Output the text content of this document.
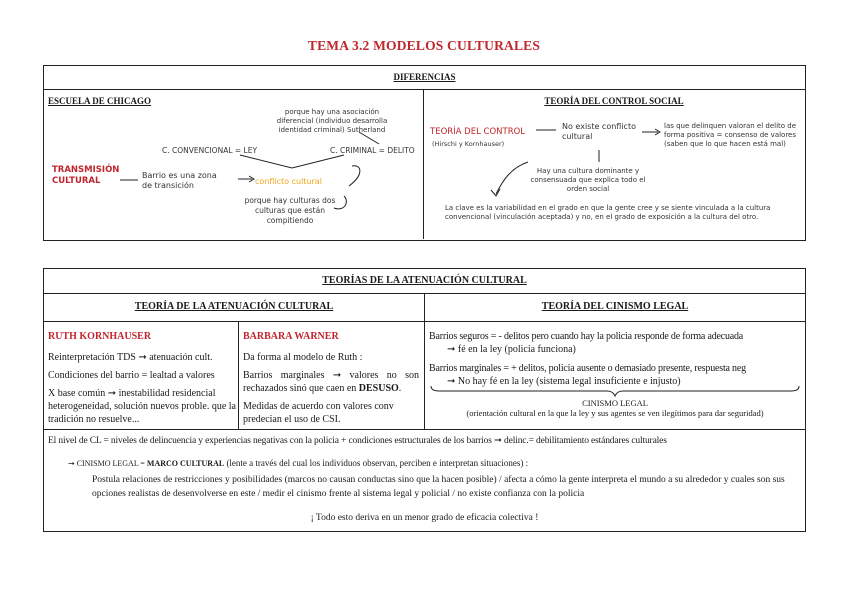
TEMA 3.2 MODELOS CULTURALES
DIFERENCIAS
ESCUELA DE CHICAGO
porque hay una asociación diferencial (individuo desarrolla identidad criminal) Sutherland
C. CONVENCIONAL = LEY	C. CRIMINAL = DELITO
TRANSMISIÓN CULTURAL
Barrio es una zona de transición	conflicto cultural
porque hay culturas dos culturas que están compitiendo
TEORÍA DEL CONTROL SOCIAL
TEORÍA DEL CONTROL
(Hirschi y Kornhauser)
No existe conflicto cultural
las que delinquen valoran el delito de forma positiva = consenso de valores (saben que lo que hacen está mal)
Hay una cultura dominante y consensuada que explica todo el orden social
La clave es la variabilidad en el grado en que la gente cree y se siente vinculada a la cultura convencional (vinculación aceptada) y no, en el grado de exposición a la cultura del otro.
TEORÍAS DE LA ATENUACIÓN CULTURAL
TEORÍA DE LA ATENUACIÓN CULTURAL	TEORÍA DEL CINISMO LEGAL

RUTH KORNHAUSER

Reinterpretación TDS ➞ atenuación cult.

Condiciones del barrio = lealtad a valores

X base común ➞ inestabilidad residencial heterogeneidad, solución nuevos proble. que la tradición no resuelve...

BARBARA WARNER

Da forma al modelo de Ruth :

Barrios marginales ➞ valores no son rechazados sinó que caen en DESUSO.

Medidas de acuerdo con valores conv predecian el uso de CSI.

Barrios seguros = - delitos pero cuando hay la policia responde de forma adecuada
➞ fé en la ley (policia funciona)
Barrios marginales = + delitos, policia ausente o demasiado presente, respuesta neg
➞ No hay fé en la ley (sistema legal insuficiente e injusto)
CINISMO LEGAL
(orientación cultural en la que la ley y sus agentes se ven ilegítimos para dar seguridad)
El nivel de CL = niveles de delincuencia y experiencias negativas con la policia + condiciones estructurales de los barrios ➞ delinc.= debilitamiento estándares culturales
➞ CINISMO LEGAL = MARCO CULTURAL (lente a través del cual los individuos observan, perciben e interpretan situaciones) :
Postula relaciones de restricciones y posibilidades (marcos no causan conductas sino que la hacen posible) / afecta a cómo la gente interpreta el mundo a su alrededor y cuales son sus opciones realistas de desenvolverse en este / medir el cinismo frente al sistema legal y policial / no existe confianza con la policia
¡ Todo esto deriva en un menor grado de eficacia colectiva !
